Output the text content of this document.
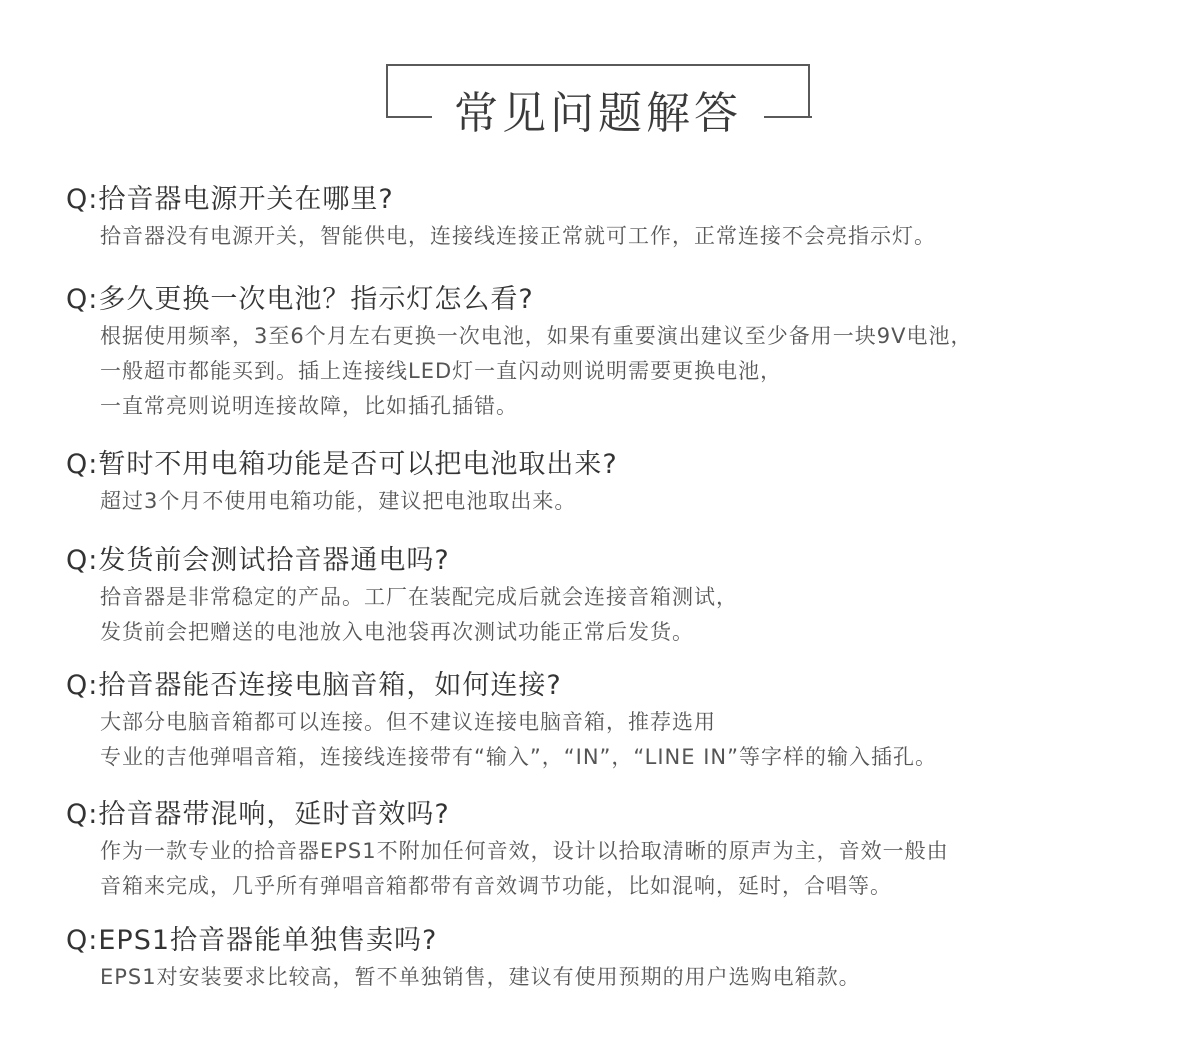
常见问题解答
Q:拾音器电源开关在哪里?
拾音器没有电源开关，智能供电，连接线连接正常就可工作，正常连接不会亮指示灯。
Q:多久更换一次电池？指示灯怎么看?
根据使用频率，3至6个月左右更换一次电池，如果有重要演出建议至少备用一块9V电池，
一般超市都能买到。插上连接线LED灯一直闪动则说明需要更换电池，
一直常亮则说明连接故障，比如插孔插错。
Q:暂时不用电箱功能是否可以把电池取出来?
超过3个月不使用电箱功能，建议把电池取出来。
Q:发货前会测试拾音器通电吗?
拾音器是非常稳定的产品。工厂在装配完成后就会连接音箱测试，
发货前会把赠送的电池放入电池袋再次测试功能正常后发货。
Q:拾音器能否连接电脑音箱，如何连接?
大部分电脑音箱都可以连接。但不建议连接电脑音箱，推荐选用
专业的吉他弹唱音箱，连接线连接带有“输入”，“IN”，“LINE IN”等字样的输入插孔。
Q:拾音器带混响，延时音效吗?
作为一款专业的拾音器EPS1不附加任何音效，设计以拾取清晰的原声为主，音效一般由
音箱来完成，几乎所有弹唱音箱都带有音效调节功能，比如混响，延时，合唱等。
Q:EPS1拾音器能单独售卖吗?
EPS1对安装要求比较高，暂不单独销售，建议有使用预期的用户选购电箱款。
